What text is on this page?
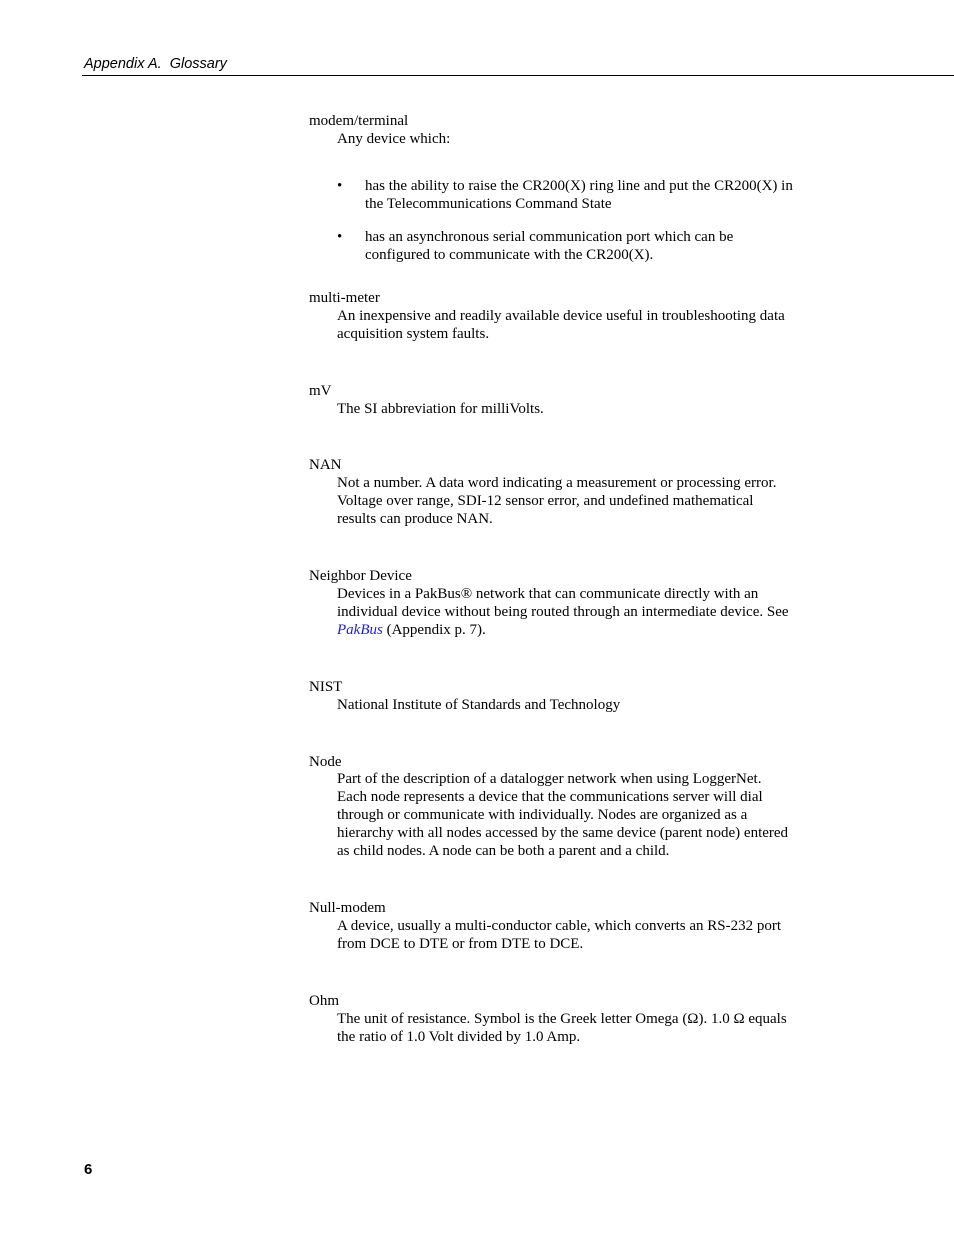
Appendix A.  Glossary
modem/terminal
Any device which:
• has the ability to raise the CR200(X) ring line and put the CR200(X) in
the Telecommunications Command State
• has an asynchronous serial communication port which can be
configured to communicate with the CR200(X).
multi-meter
An inexpensive and readily available device useful in troubleshooting data
acquisition system faults.
mV
The SI abbreviation for milliVolts.
NAN
Not a number. A data word indicating a measurement or processing error.
Voltage over range, SDI-12 sensor error, and undefined mathematical
results can produce NAN.
Neighbor Device
Devices in a PakBus® network that can communicate directly with an
individual device without being routed through an intermediate device. See
PakBus (Appendix p. 7).
NIST
National Institute of Standards and Technology
Node
Part of the description of a datalogger network when using LoggerNet.
Each node represents a device that the communications server will dial
through or communicate with individually. Nodes are organized as a
hierarchy with all nodes accessed by the same device (parent node) entered
as child nodes. A node can be both a parent and a child.
Null-modem
A device, usually a multi-conductor cable, which converts an RS-232 port
from DCE to DTE or from DTE to DCE.
Ohm
The unit of resistance. Symbol is the Greek letter Omega (Ω). 1.0 Ω equals
the ratio of 1.0 Volt divided by 1.0 Amp.
6
